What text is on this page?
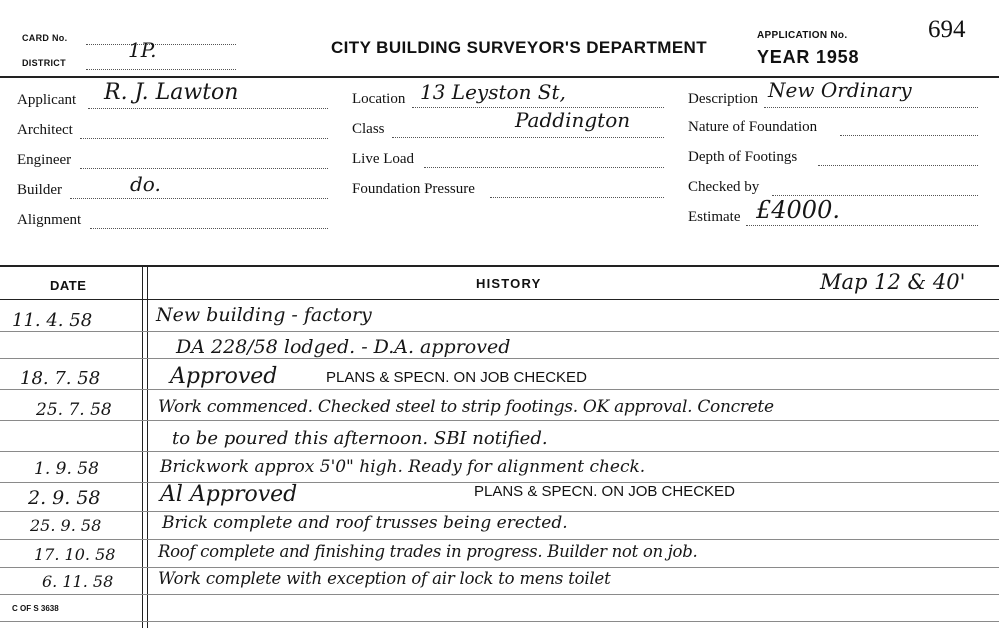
CARD No.
DISTRICT
1P.	CITY BUILDING SURVEYOR'S DEPARTMENT
APPLICATION No.	694
YEAR 1958
Applicant R. J. Lawton
Architect
Engineer
Builder	do.
Alignment
Location 13 Leyston St,
Class	Paddington
Live Load
Foundation Pressure
Description New Ordinary
Nature of Foundation
Depth of Footings
Checked by
Estimate £4000.
DATE	HISTORY	Map 12 & 40'
11. 4. 58	New building - factory
DA 228/58 lodged. - D.A. approved
18. 7. 58	Approved	PLANS & SPECN. ON JOB CHECKED
25. 7. 58	Work commenced. Checked steel to strip footings. OK approval. Concrete
to be poured this afternoon. SBI notified.
1. 9. 58	Brickwork approx 5'0" high. Ready for alignment check.
2. 9. 58	Al Approved	PLANS & SPECN. ON JOB CHECKED
25. 9. 58	Brick complete and roof trusses being erected.
17. 10. 58	Roof complete and finishing trades in progress. Builder not on job.
6. 11. 58	Work complete with exception of air lock to mens toilet
C OF S 3638
